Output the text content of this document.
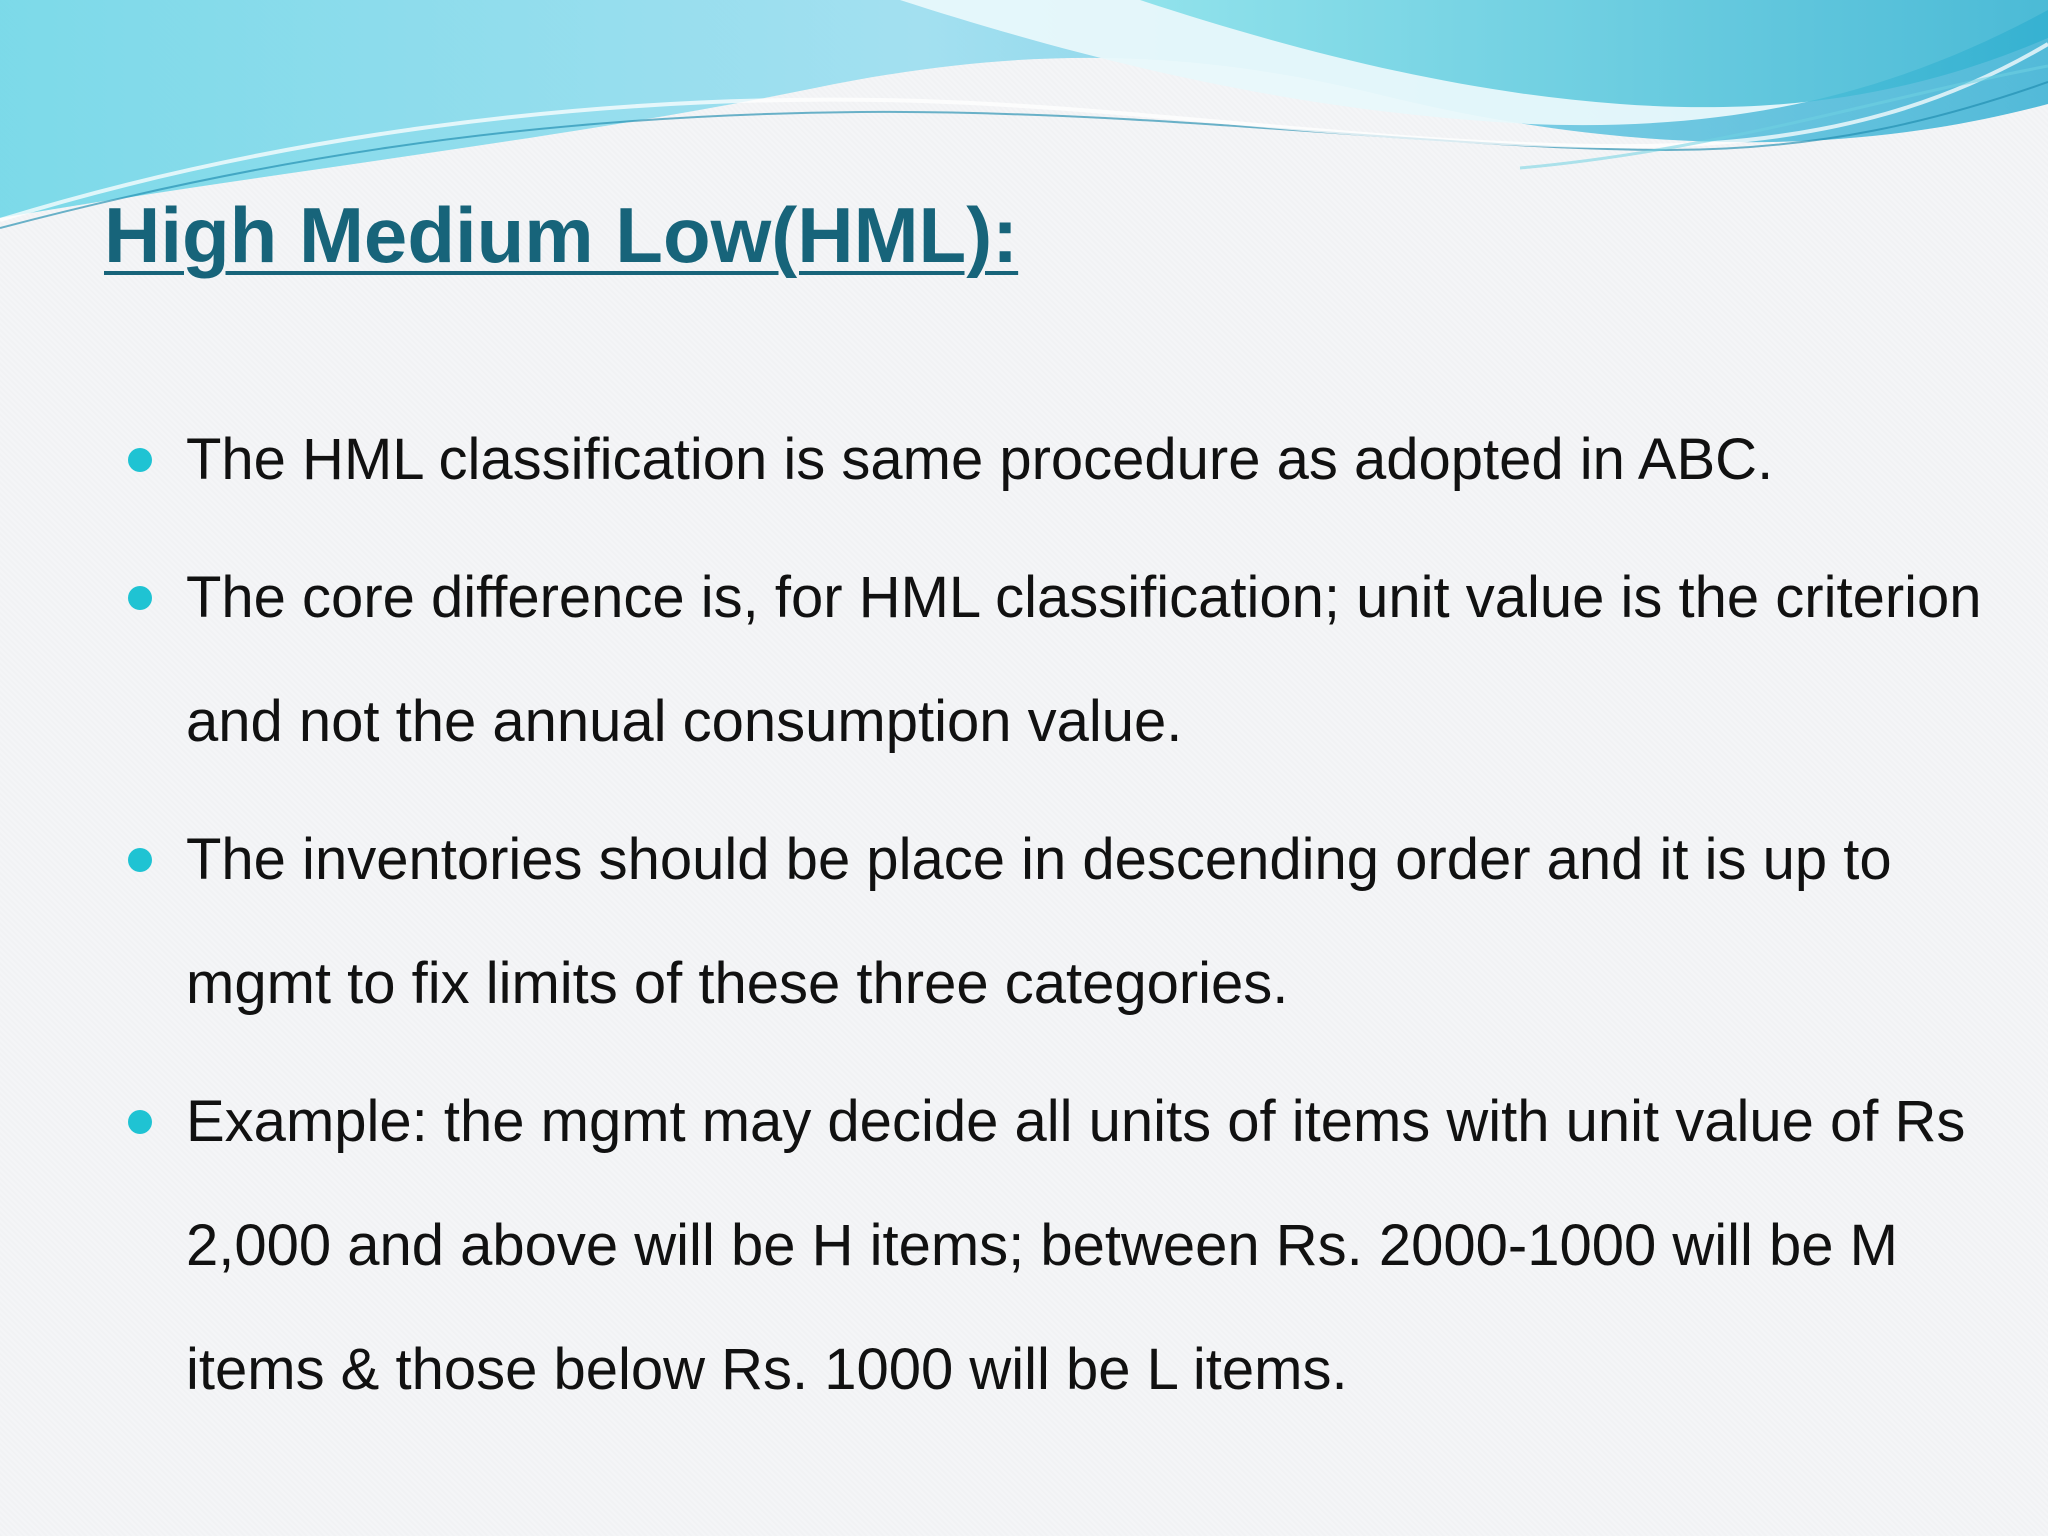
High Medium Low(HML):
The HML classification is same procedure as adopted in ABC.
The core difference is, for HML classification; unit value is the criterion and not the annual consumption value.
The inventories should be place in descending order and it is up to mgmt to fix limits of these three categories.
Example: the mgmt may decide all units of items with unit value of Rs 2,000 and above will be H items; between Rs. 2000-1000 will be M items & those below Rs. 1000 will be L items.
